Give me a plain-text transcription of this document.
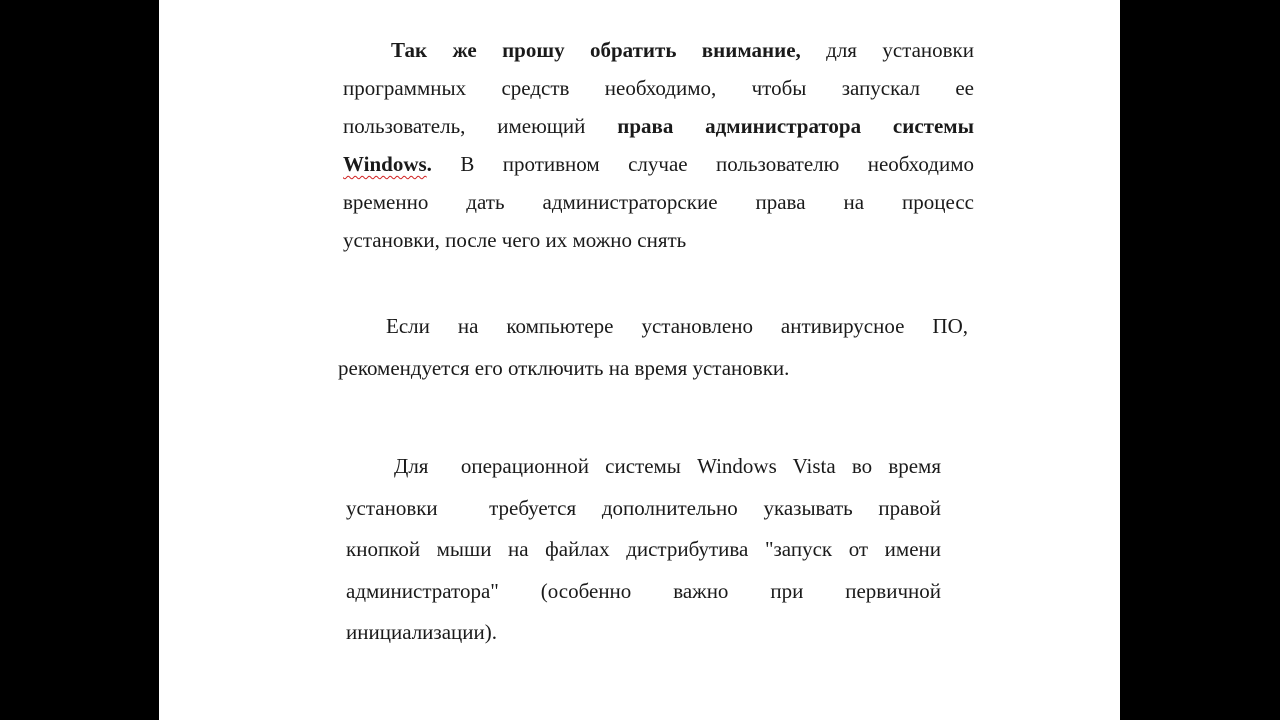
Так же прошу обратить внимание, для установки
программных средств необходимо, чтобы запускал ее
пользователь, имеющий права администратора системы
Windows. В противном случае пользователю необходимо
временно дать администраторские права на процесс
установки, после чего их можно снять
Если на компьютере установлено антивирусное ПО,
рекомендуется его отключить на время установки.
Для  операционной системы Windows Vista во время
установки  требуется дополнительно указывать правой
кнопкой мыши на файлах дистрибутива "запуск от имени
администратора" (особенно важно при первичной
инициализации).
